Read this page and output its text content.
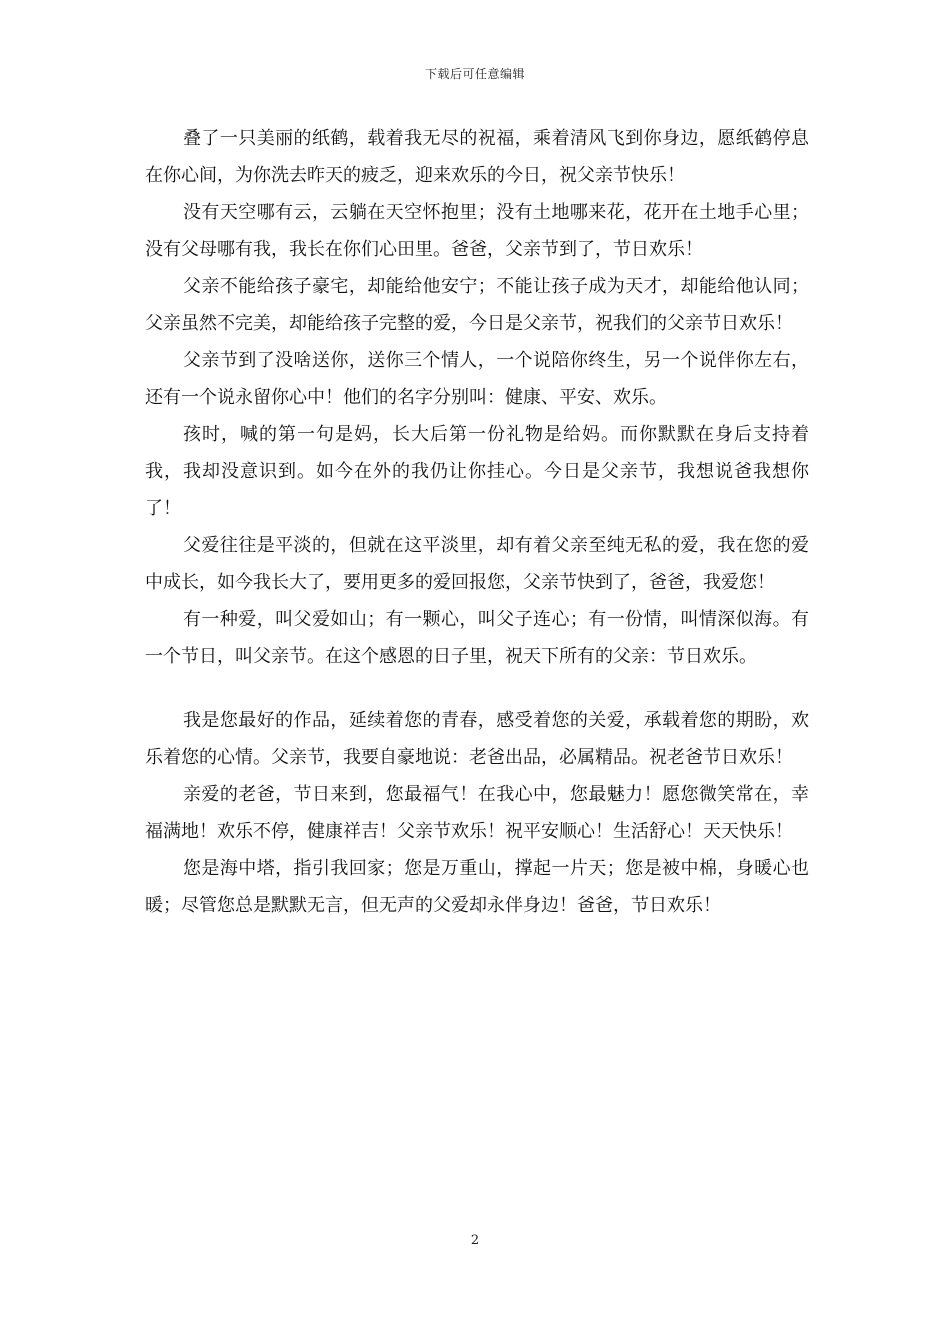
下载后可任意编辑

叠了一只美丽的纸鹤，载着我无尽的祝福，乘着清风飞到你身边，愿纸鹤停息在你心间，为你洗去昨天的疲乏，迎来欢乐的今日，祝父亲节快乐！

没有天空哪有云，云躺在天空怀抱里；没有土地哪来花，花开在土地手心里；没有父母哪有我，我长在你们心田里。爸爸，父亲节到了，节日欢乐！

父亲不能给孩子豪宅，却能给他安宁；不能让孩子成为天才，却能给他认同；父亲虽然不完美，却能给孩子完整的爱，今日是父亲节，祝我们的父亲节日欢乐！

父亲节到了没啥送你，送你三个情人，一个说陪你终生，另一个说伴你左右，还有一个说永留你心中！他们的名字分别叫：健康、平安、欢乐。

孩时，喊的第一句是妈，长大后第一份礼物是给妈。而你默默在身后支持着我，我却没意识到。如今在外的我仍让你挂心。今日是父亲节，我想说爸我想你了！

父爱往往是平淡的，但就在这平淡里，却有着父亲至纯无私的爱，我在您的爱中成长，如今我长大了，要用更多的爱回报您，父亲节快到了，爸爸，我爱您！

有一种爱，叫父爱如山；有一颗心，叫父子连心；有一份情，叫情深似海。有一个节日，叫父亲节。在这个感恩的日子里，祝天下所有的父亲：节日欢乐。

我是您最好的作品，延续着您的青春，感受着您的关爱，承载着您的期盼，欢乐着您的心情。父亲节，我要自豪地说：老爸出品，必属精品。祝老爸节日欢乐！

亲爱的老爸，节日来到，您最福气！在我心中，您最魅力！愿您微笑常在，幸福满地！欢乐不停，健康祥吉！父亲节欢乐！祝平安顺心！生活舒心！天天快乐！

您是海中塔，指引我回家；您是万重山，撑起一片天；您是被中棉，身暖心也暖；尽管您总是默默无言，但无声的父爱却永伴身边！爸爸，节日欢乐！

2
